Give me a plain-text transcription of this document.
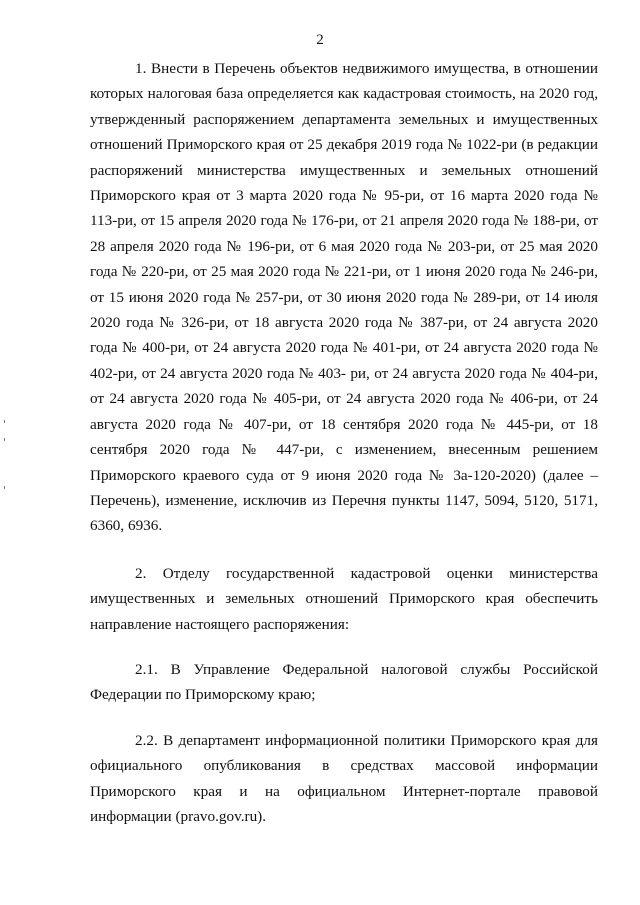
2

1. Внести в Перечень объектов недвижимого имущества, в отношении которых налоговая база определяется как кадастровая стоимость, на 2020 год, утвержденный распоряжением департамента земельных и имущественных отношений Приморского края от 25 декабря 2019 года № 1022-ри (в редакции распоряжений министерства имущественных и земельных отношений Приморского края от 3 марта 2020 года № 95-ри, от 16 марта 2020 года № 113-ри, от 15 апреля 2020 года № 176-ри, от 21 апреля 2020 года № 188-ри, от 28 апреля 2020 года № 196-ри, от 6 мая 2020 года № 203-ри, от 25 мая 2020 года № 220-ри, от 25 мая 2020 года № 221-ри, от 1 июня 2020 года № 246-ри, от 15 июня 2020 года № 257-ри, от 30 июня 2020 года № 289-ри, от 14 июля 2020 года № 326-ри, от 18 августа 2020 года № 387-ри, от 24 августа 2020 года № 400-ри, от 24 августа 2020 года № 401-ри, от 24 августа 2020 года № 402-ри, от 24 августа 2020 года № 403- ри, от 24 августа 2020 года № 404-ри, от 24 августа 2020 года № 405-ри, от 24 августа 2020 года № 406-ри, от 24 августа 2020 года № 407-ри, от 18 сентября 2020 года № 445-ри, от 18 сентября 2020 года № 447-ри, с изменением, внесенным решением Приморского краевого суда от 9 июня 2020 года № 3а-120-2020) (далее – Перечень), изменение, исключив из Перечня пункты 1147, 5094, 5120, 5171, 6360, 6936.

2. Отделу государственной кадастровой оценки министерства имущественных и земельных отношений Приморского края обеспечить направление настоящего распоряжения:

2.1. В Управление Федеральной налоговой службы Российской Федерации по Приморскому краю;

2.2. В департамент информационной политики Приморского края для официального опубликования в средствах массовой информации Приморского края и на официальном Интернет-портале правовой информации (pravo.gov.ru).
